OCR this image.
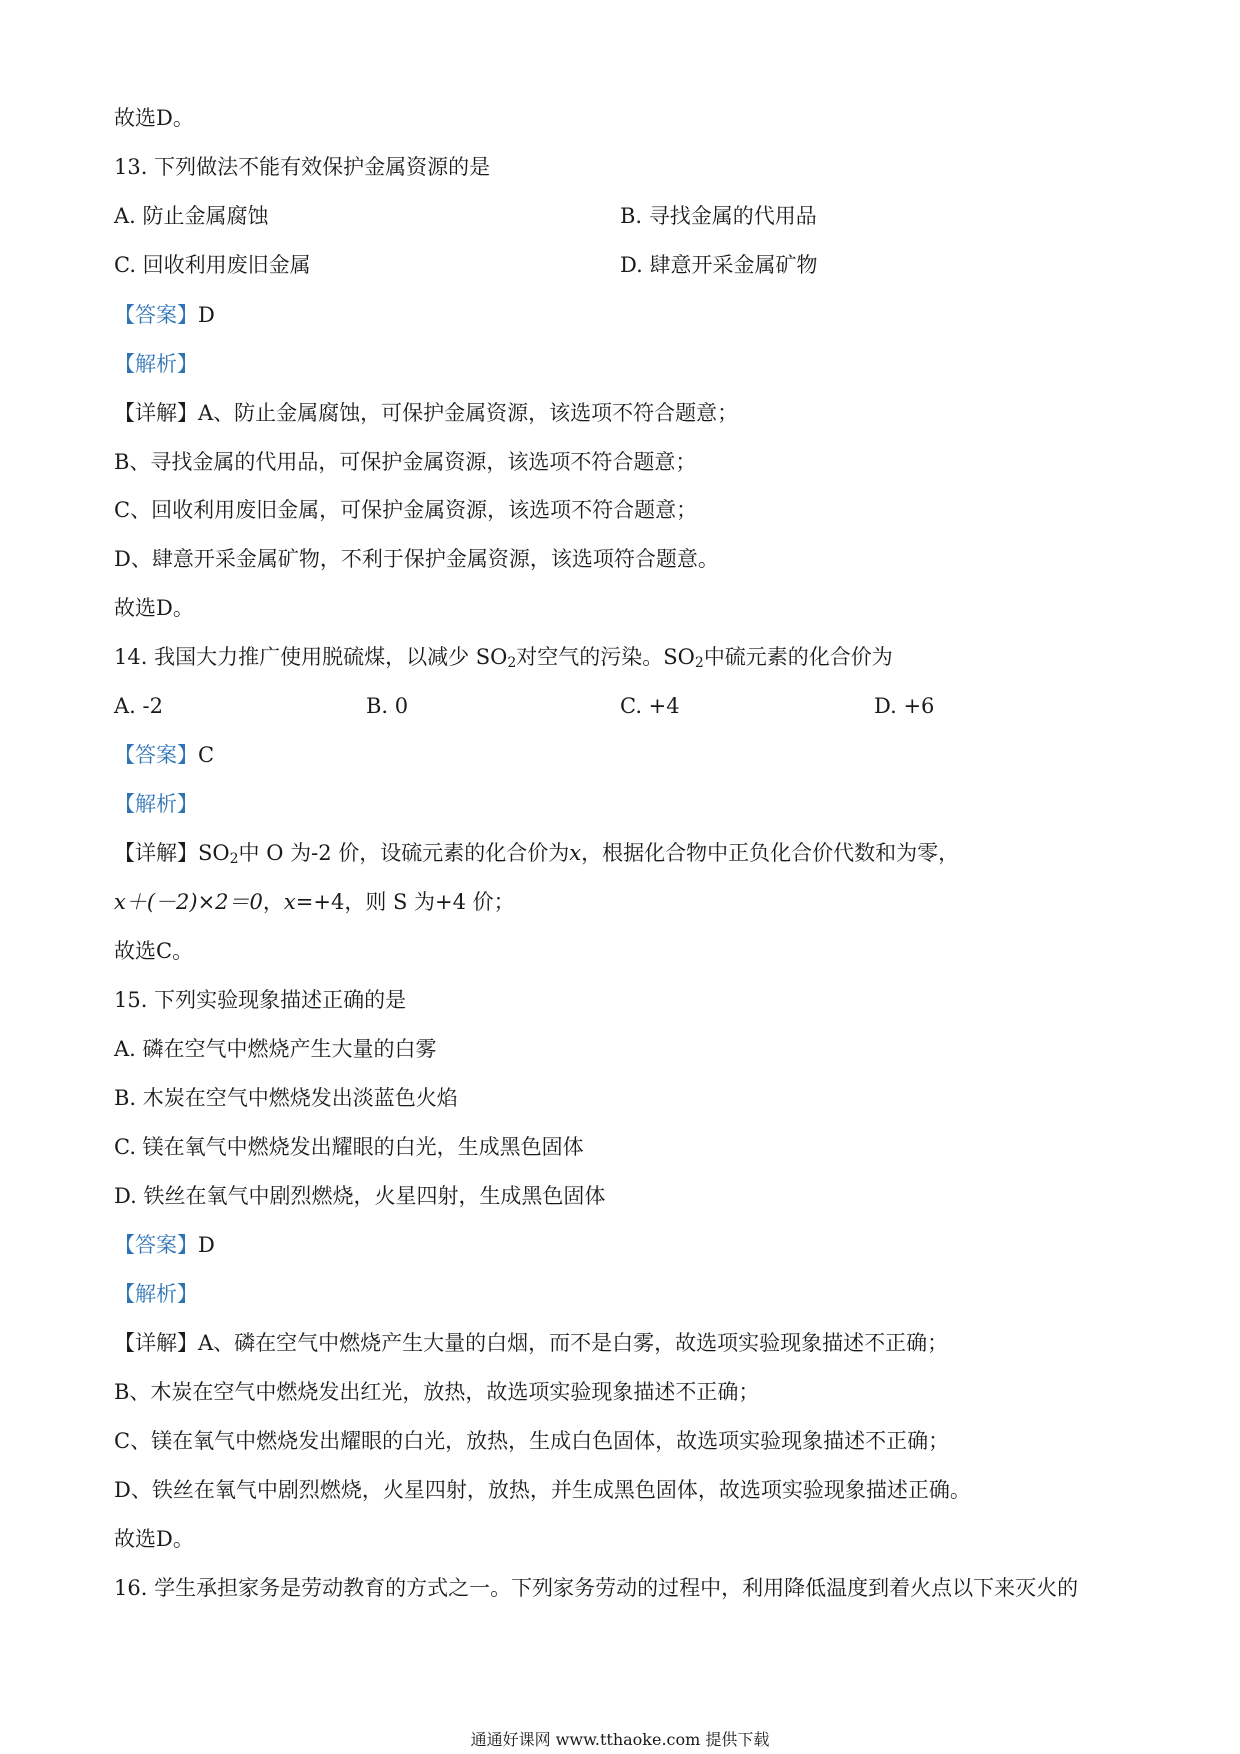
故选D。
13. 下列做法不能有效保护金属资源的是
A. 防止金属腐蚀	B. 寻找金属的代用品
C. 回收利用废旧金属	D. 肆意开采金属矿物
【答案】D
【解析】
【详解】A、防止金属腐蚀，可保护金属资源，该选项不符合题意；
B、寻找金属的代用品，可保护金属资源，该选项不符合题意；
C、回收利用废旧金属，可保护金属资源，该选项不符合题意；
D、肆意开采金属矿物，不利于保护金属资源，该选项符合题意。
故选D。
14. 我国大力推广使用脱硫煤，以减少 $SO_2$对空气的污染。$SO_2$中硫元素的化合价为
A. -2	B. 0	C. +4	D. +6
【答案】C
【解析】
【详解】$SO_2$中 O 为-2 价，设硫元素的化合价为x，根据化合物中正负化合价代数和为零，
x＋(－2)×2＝0，x=+4，则 S 为+4 价；
故选C。
15. 下列实验现象描述正确的是
A. 磷在空气中燃烧产生大量的白雾
B. 木炭在空气中燃烧发出淡蓝色火焰
C. 镁在氧气中燃烧发出耀眼的白光，生成黑色固体
D. 铁丝在氧气中剧烈燃烧，火星四射，生成黑色固体
【答案】D
【解析】
【详解】A、磷在空气中燃烧产生大量的白烟，而不是白雾，故选项实验现象描述不正确；
B、木炭在空气中燃烧发出红光，放热，故选项实验现象描述不正确；
C、镁在氧气中燃烧发出耀眼的白光，放热，生成白色固体，故选项实验现象描述不正确；
D、铁丝在氧气中剧烈燃烧，火星四射，放热，并生成黑色固体，故选项实验现象描述正确。
故选D。
16. 学生承担家务是劳动教育的方式之一。下列家务劳动的过程中，利用降低温度到着火点以下来灭火的
通通好课网 www.tthaoke.com 提供下载
